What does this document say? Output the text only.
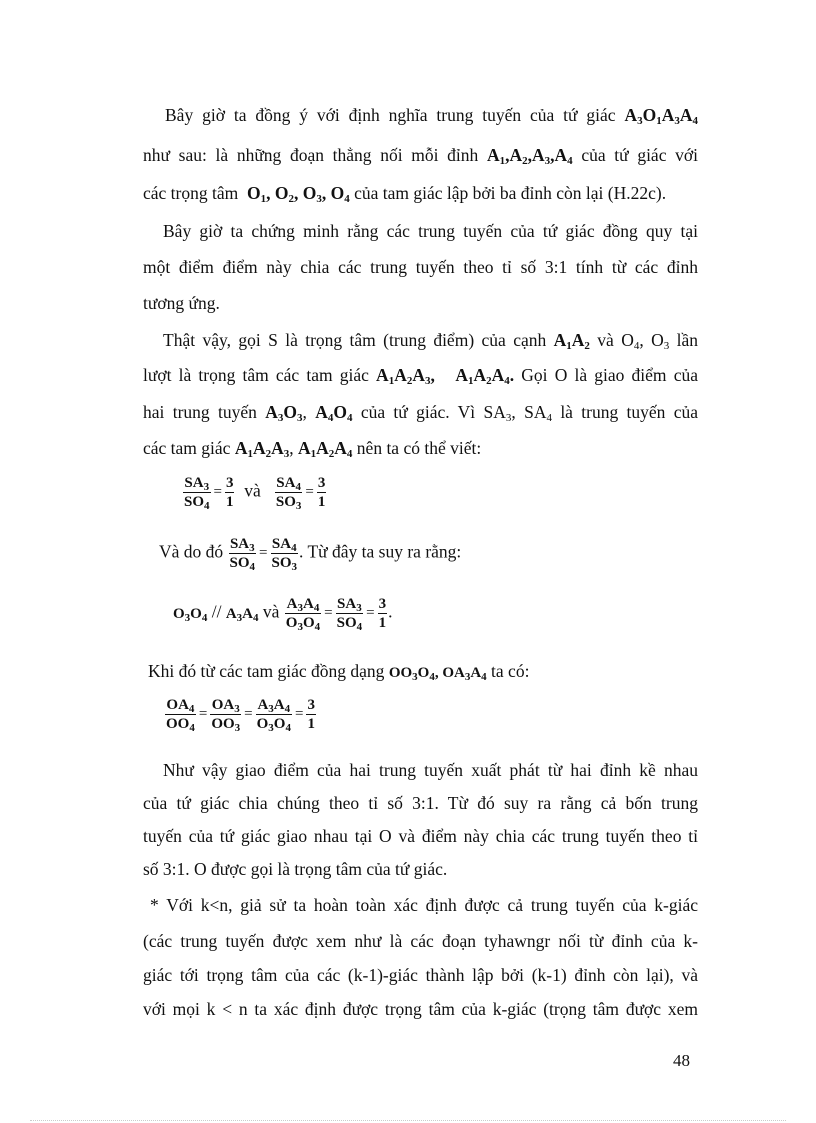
Bây giờ ta đồng ý với định nghĩa trung tuyến của tứ giác $A_3O_1A_3A_4$
như sau: là những đoạn thẳng nối mỗi đỉnh $A_1,A_2,A_3,A_4$ của tứ giác với
các trọng tâm $O_1$, $O_2$, $O_3$, $O_4$ của tam giác lập bởi ba đỉnh còn lại (H.22c).
Bây giờ ta chứng minh rằng các trung tuyến của tứ giác đồng quy tại
một điểm điểm này chia các trung tuyến theo tỉ số 3:1 tính từ các đỉnh
tương ứng.
Thật vậy, gọi S là trọng tâm (trung điểm) của cạnh $A_1A_2$ và $O_4$, $O_3$ lần
lượt là trọng tâm các tam giác $A_1A_2A_3$,   $A_1A_2A_4$. Gọi O là giao điểm của
hai trung tuyến $A_3O_3$, $A_4O_4$ của tứ giác. Vì $SA_3$, $SA_4$ là trung tuyến của
các tam giác $A_1A_2A_3$, $A_1A_2A_4$ nên ta có thể viết:
$\frac{SA_3}{SO_4} = \frac{3}{1}$ và $\frac{SA_4}{SO_3} = \frac{3}{1}$
Và do đó $\frac{SA_3}{SO_4} = \frac{SA_4}{SO_3}$ . Từ đây ta suy ra rằng:
$O_3O_4 // A_3A_4$ và $\frac{A_3A_4}{O_3O_4} = \frac{SA_3}{SO_4} = \frac{3}{1}$ .
Khi đó từ các tam giác đồng dạng $OO_3O_4$, $OA_3A_4$ ta có:
$\frac{OA_4}{OO_4} = \frac{OA_3}{OO_3} = \frac{A_3A_4}{O_3O_4} = \frac{3}{1}$
Như vậy giao điểm của hai trung tuyến xuất phát từ hai đỉnh kề nhau
của tứ giác chia chúng theo tỉ số 3:1. Từ đó suy ra rằng cả bốn trung
tuyến của tứ giác giao nhau tại O và điểm này chia các trung tuyến theo tỉ
số 3:1. O được gọi là trọng tâm của tứ giác.
* Với k<n, giả sử ta hoàn toàn xác định được cả trung tuyến của k-giác
(các trung tuyến được xem như là các đoạn tyhawngr nối từ đỉnh của k-
giác tới trọng tâm của các (k-1)-giác thành lập bởi (k-1) đỉnh còn lại), và
với mọi k < n ta xác định được trọng tâm của k-giác (trọng tâm được xem
48
